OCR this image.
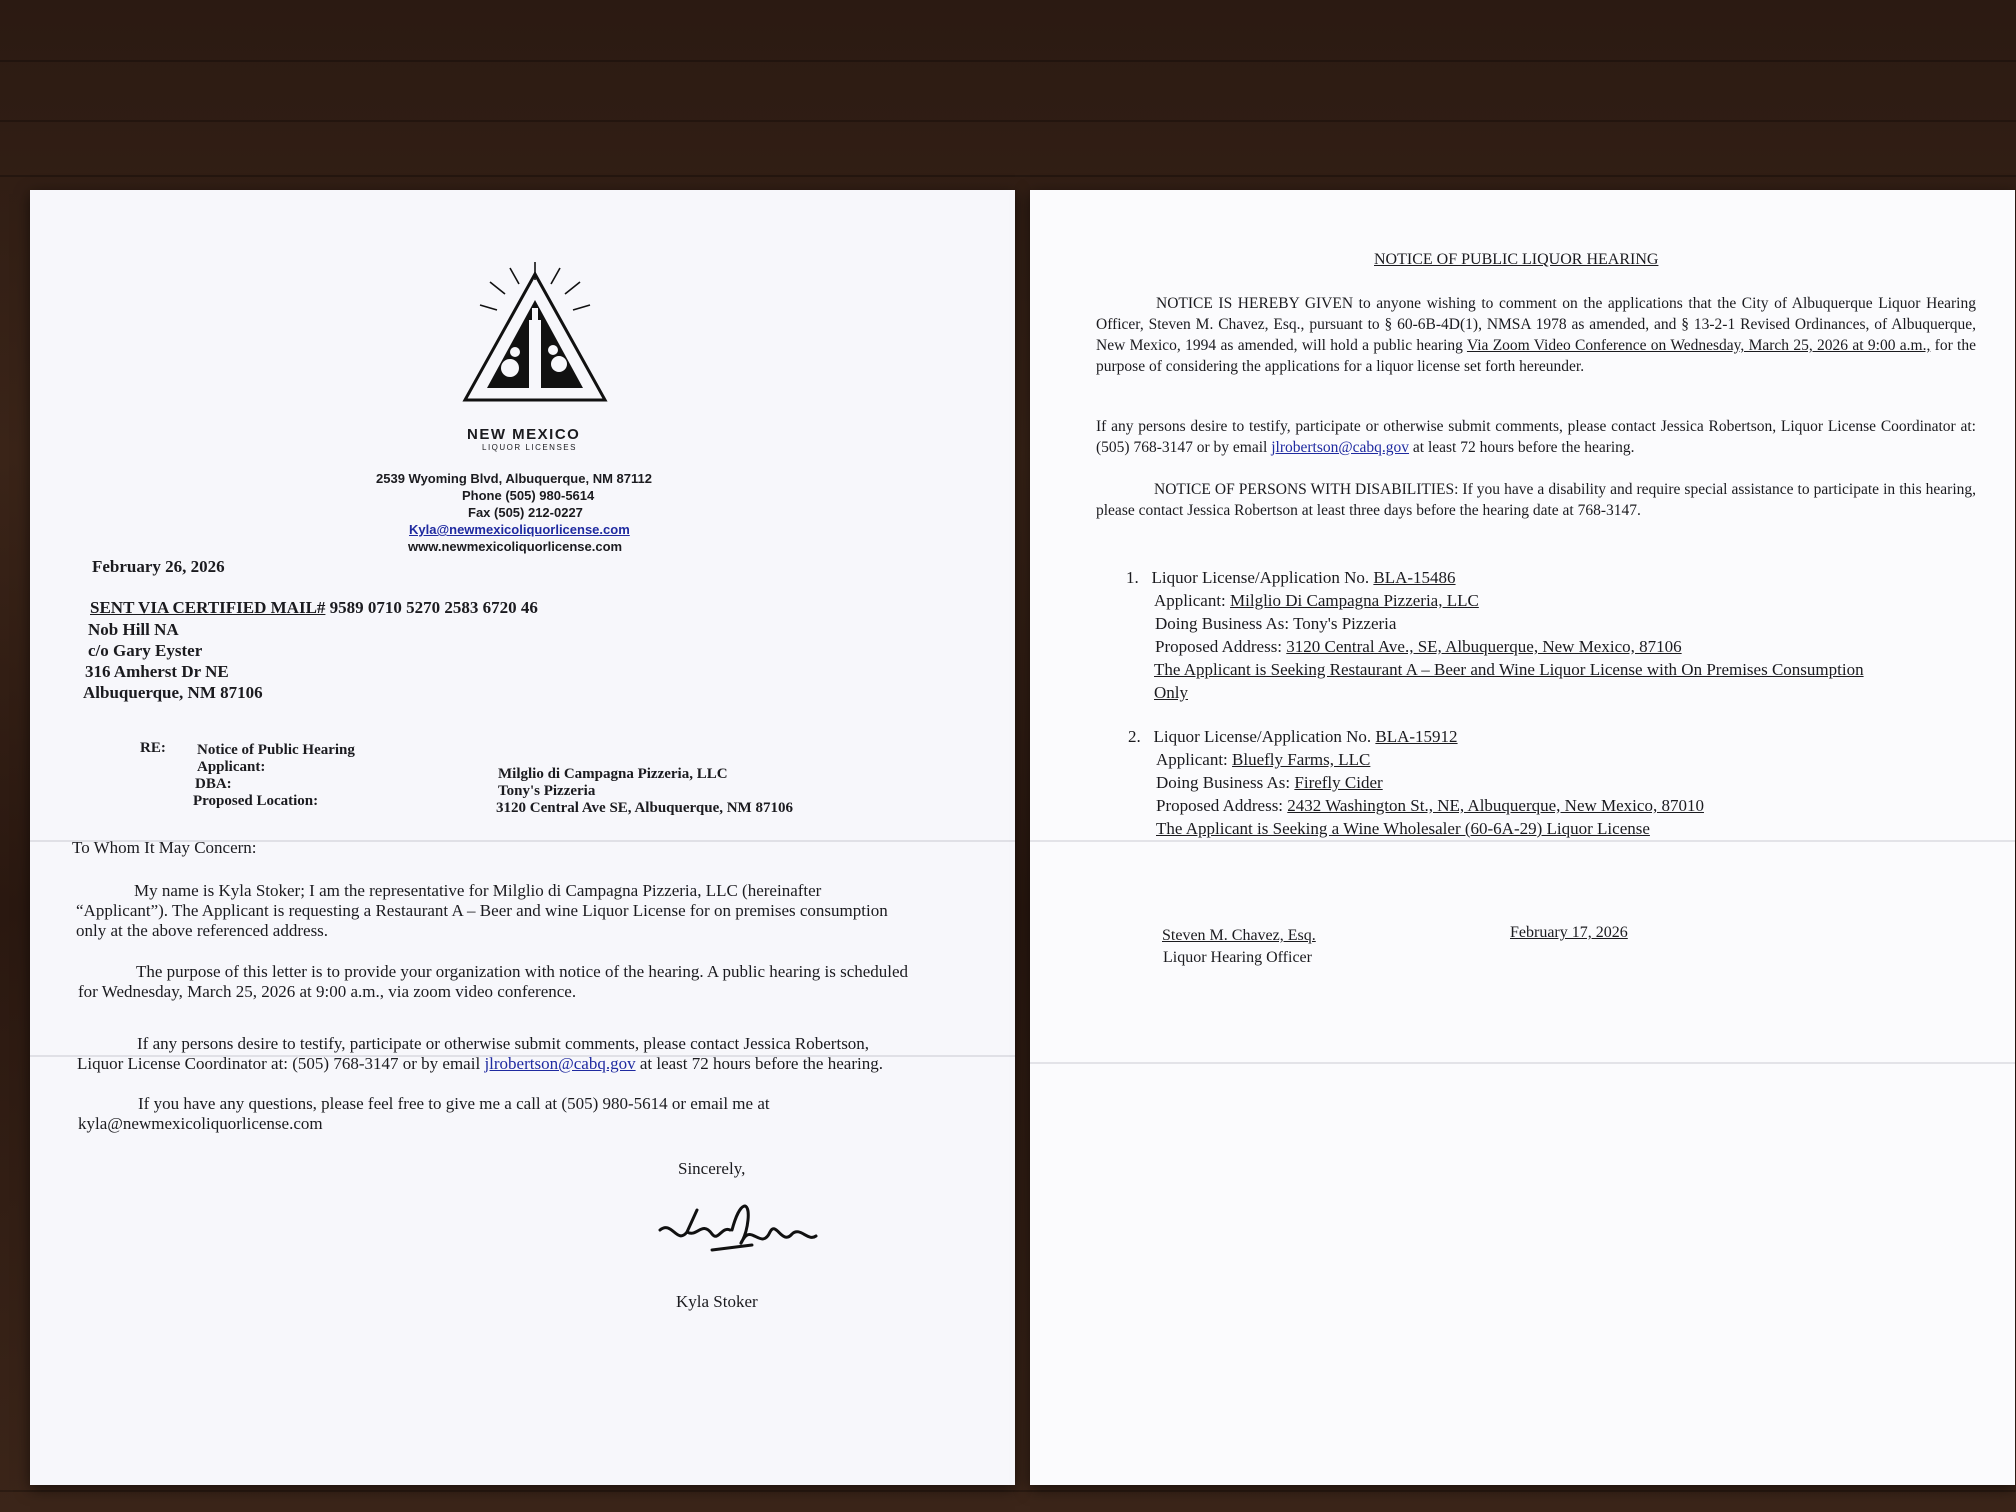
NEW MEXICO
LIQUOR LICENSES
2539 Wyoming Blvd, Albuquerque, NM 87112
Phone (505) 980-5614
Fax (505) 212-0227
Kyla@newmexicoliquorlicense.com
www.newmexicoliquorlicense.com
February 26, 2026
SENT VIA CERTIFIED MAIL# 9589 0710 5270 2583 6720 46
Nob Hill NA
c/o Gary Eyster
316 Amherst Dr NE
Albuquerque, NM 87106
RE: Notice of Public Hearing
Applicant:
DBA:
Proposed Location:
Milglio di Campagna Pizzeria, LLC
Tony's Pizzeria
3120 Central Ave SE, Albuquerque, NM 87106
To Whom It May Concern:
My name is Kyla Stoker; I am the representative for Milglio di Campagna Pizzeria, LLC (hereinafter
“Applicant”). The Applicant is requesting a Restaurant A – Beer and wine Liquor License for on premises consumption
only at the above referenced address.
The purpose of this letter is to provide your organization with notice of the hearing. A public hearing is scheduled
for Wednesday, March 25, 2026 at 9:00 a.m., via zoom video conference.
If any persons desire to testify, participate or otherwise submit comments, please contact Jessica Robertson,
Liquor License Coordinator at: (505) 768-3147 or by email jlrobertson@cabq.gov at least 72 hours before the hearing.
If you have any questions, please feel free to give me a call at (505) 980-5614 or email me at
kyla@newmexicoliquorlicense.com
Sincerely,
Kyla Stoker
NOTICE OF PUBLIC LIQUOR HEARING
NOTICE IS HEREBY GIVEN to anyone wishing to comment on the applications that the City of Albuquerque Liquor Hearing Officer, Steven M. Chavez, Esq., pursuant to § 60-6B-4D(1), NMSA 1978 as amended, and § 13-2-1 Revised Ordinances, of Albuquerque, New Mexico, 1994 as amended, will hold a public hearing Via Zoom Video Conference on Wednesday, March 25, 2026 at 9:00 a.m., for the purpose of considering the applications for a liquor license set forth hereunder.
If any persons desire to testify, participate or otherwise submit comments, please contact Jessica Robertson, Liquor License Coordinator at: (505) 768-3147 or by email jlrobertson@cabq.gov at least 72 hours before the hearing.
NOTICE OF PERSONS WITH DISABILITIES: If you have a disability and require special assistance to participate in this hearing, please contact Jessica Robertson at least three days before the hearing date at 768-3147.
1. Liquor License/Application No. BLA-15486
Applicant: Milglio Di Campagna Pizzeria, LLC
Doing Business As: Tony's Pizzeria
Proposed Address: 3120 Central Ave., SE, Albuquerque, New Mexico, 87106
The Applicant is Seeking Restaurant A – Beer and Wine Liquor License with On Premises Consumption
Only
2. Liquor License/Application No. BLA-15912
Applicant: Bluefly Farms, LLC
Doing Business As: Firefly Cider
Proposed Address: 2432 Washington St., NE, Albuquerque, New Mexico, 87010
The Applicant is Seeking a Wine Wholesaler (60-6A-29) Liquor License
Steven M. Chavez, Esq.
Liquor Hearing Officer
February 17, 2026
